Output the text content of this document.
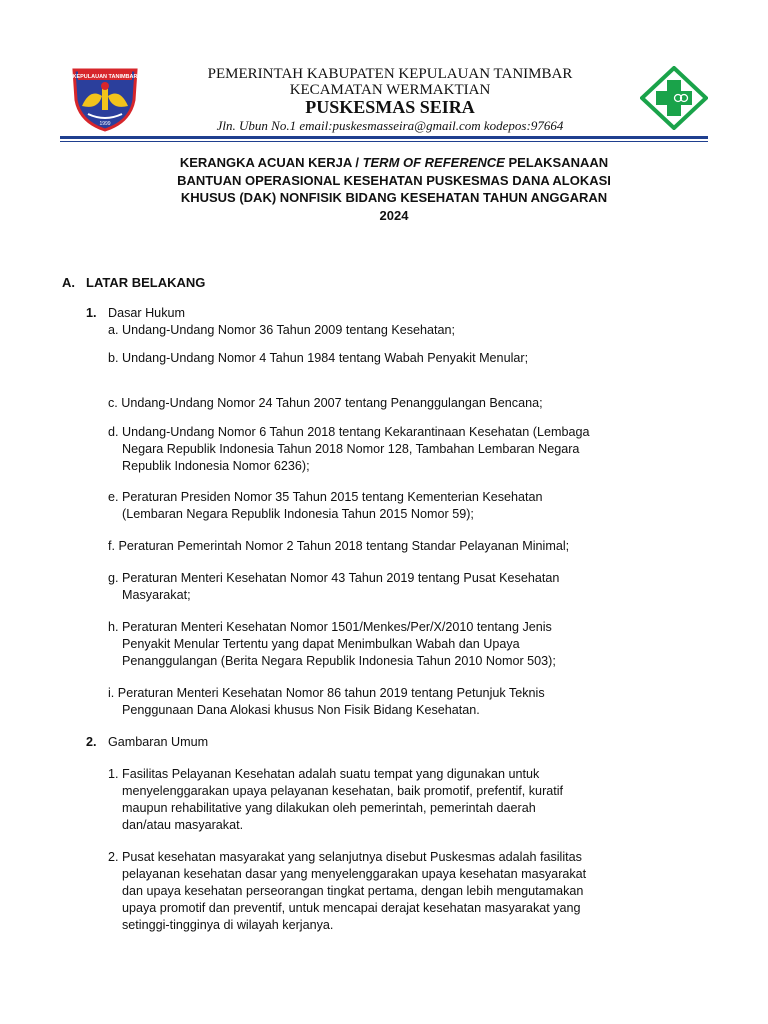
KEPULAUAN TANIMBAR
1999
PEMERINTAH KABUPATEN KEPULAUAN TANIMBAR
KECAMATAN WERMAKTIAN
PUSKESMAS SEIRA
Jln. Ubun No.1 email:puskesmasseira@gmail.com kodepos:97664
KERANGKA ACUAN KERJA / TERM OF REFERENCE PELAKSANAAN
BANTUAN OPERASIONAL KESEHATAN PUSKESMAS DANA ALOKASI
KHUSUS (DAK) NONFISIK BIDANG KESEHATAN TAHUN ANGGARAN
2024
A. LATAR BELAKANG
1. Dasar Hukum
a. Undang-Undang Nomor 36 Tahun 2009 tentang Kesehatan;
b. Undang-Undang Nomor 4 Tahun 1984 tentang Wabah Penyakit Menular;
c. Undang-Undang Nomor 24 Tahun 2007 tentang Penanggulangan Bencana;
d. Undang-Undang Nomor 6 Tahun 2018 tentang Kekarantinaan Kesehatan (Lembaga
Negara Republik Indonesia Tahun 2018 Nomor 128, Tambahan Lembaran Negara
Republik Indonesia Nomor 6236);
e. Peraturan Presiden Nomor 35 Tahun 2015 tentang Kementerian Kesehatan
(Lembaran Negara Republik Indonesia Tahun 2015 Nomor 59);
f. Peraturan Pemerintah Nomor 2 Tahun 2018 tentang Standar Pelayanan Minimal;
g. Peraturan Menteri Kesehatan Nomor 43 Tahun 2019 tentang Pusat Kesehatan
Masyarakat;
h. Peraturan Menteri Kesehatan Nomor 1501/Menkes/Per/X/2010 tentang Jenis
Penyakit Menular Tertentu yang dapat Menimbulkan Wabah dan Upaya
Penanggulangan (Berita Negara Republik Indonesia Tahun 2010 Nomor 503);
i. Peraturan Menteri Kesehatan Nomor 86 tahun 2019 tentang Petunjuk Teknis
Penggunaan Dana Alokasi khusus Non Fisik Bidang Kesehatan.
2. Gambaran Umum
1. Fasilitas Pelayanan Kesehatan adalah suatu tempat yang digunakan untuk
menyelenggarakan upaya pelayanan kesehatan, baik promotif, prefentif, kuratif
maupun rehabilitative yang dilakukan oleh pemerintah, pemerintah daerah
dan/atau masyarakat.
2. Pusat kesehatan masyarakat yang selanjutnya disebut Puskesmas adalah fasilitas
pelayanan kesehatan dasar yang menyelenggarakan upaya kesehatan masyarakat
dan upaya kesehatan perseorangan tingkat pertama, dengan lebih mengutamakan
upaya promotif dan preventif, untuk mencapai derajat kesehatan masyarakat yang
setinggi-tingginya di wilayah kerjanya.
